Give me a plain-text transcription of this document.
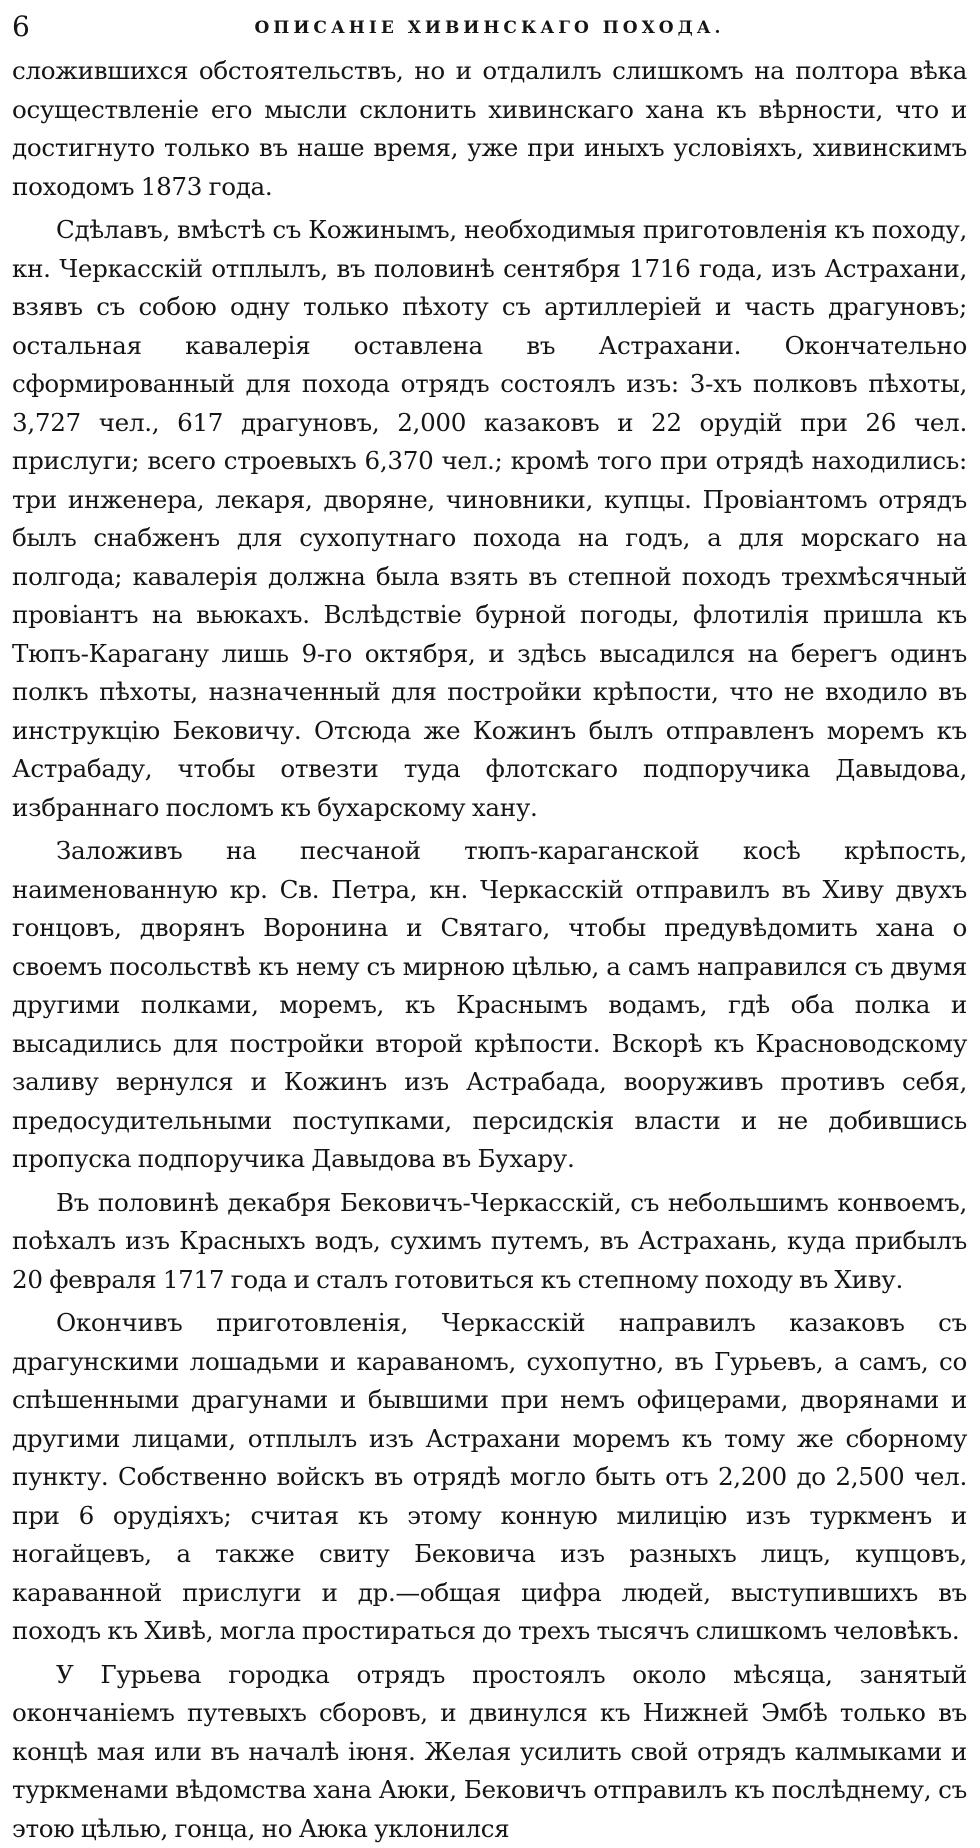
6	ОПИСАНІЕ ХИВИНСКАГО ПОХОДА.

сложившихся обстоятельствъ, но и отдалилъ слишкомъ на полтора вѣка осуществленіе его мысли склонить хивинскаго хана къ вѣрности, что и достигнуто только въ наше время, уже при иныхъ условіяхъ, хивинскимъ походомъ 1873 года.

Сдѣлавъ, вмѣстѣ съ Кожинымъ, необходимыя приготовленія къ походу, кн. Черкасскій отплылъ, въ половинѣ сентября 1716 года, изъ Астрахани, взявъ съ собою одну только пѣхоту съ артиллеріей и часть драгуновъ; остальная кавалерія оставлена въ Астрахани. Окончательно сформированный для похода отрядъ состоялъ изъ: 3-хъ полковъ пѣхоты, 3,727 чел., 617 драгуновъ, 2,000 казаковъ и 22 орудій при 26 чел. прислуги; всего строевыхъ 6,370 чел.; кромѣ того при отрядѣ находились: три инженера, лекаря, дворяне, чиновники, купцы. Провіантомъ отрядъ былъ снабженъ для сухопутнаго похода на годъ, а для морскаго на полгода; кавалерія должна была взять въ степной походъ трехмѣсячный провіантъ на вьюкахъ. Вслѣдствіе бурной погоды, флотилія пришла къ Тюпъ-Карагану лишь 9-го октября, и здѣсь высадился на берегъ одинъ полкъ пѣхоты, назначенный для постройки крѣпости, что не входило въ инструкцію Бековичу. Отсюда же Кожинъ былъ отправленъ моремъ къ Астрабаду, чтобы отвезти туда флотскаго подпоручика Давыдова, избраннаго посломъ къ бухарскому хану.

Заложивъ на песчаной тюпъ-караганской косѣ крѣпость, наименованную кр. Св. Петра, кн. Черкасскій отправилъ въ Хиву двухъ гонцовъ, дворянъ Воронина и Святаго, чтобы предувѣдомить хана о своемъ посольствѣ къ нему съ мирною цѣлью, а самъ направился съ двумя другими полками, моремъ, къ Краснымъ водамъ, гдѣ оба полка и высадились для постройки второй крѣпости. Вскорѣ къ Красноводскому заливу вернулся и Кожинъ изъ Астрабада, вооруживъ противъ себя, предосудительными поступками, персидскія власти и не добившись пропуска подпоручика Давыдова въ Бухару.

Въ половинѣ декабря Бековичъ-Черкасскій, съ небольшимъ конвоемъ, поѣхалъ изъ Красныхъ водъ, сухимъ путемъ, въ Астрахань, куда прибылъ 20 февраля 1717 года и сталъ готовиться къ степному походу въ Хиву.

Окончивъ приготовленія, Черкасскій направилъ казаковъ съ драгунскими лошадьми и караваномъ, сухопутно, въ Гурьевъ, а самъ, со спѣшенными драгунами и бывшими при немъ офицерами, дворянами и другими лицами, отплылъ изъ Астрахани моремъ къ тому же сборному пункту. Собственно войскъ въ отрядѣ могло быть отъ 2,200 до 2,500 чел. при 6 орудіяхъ; считая къ этому конную милицію изъ туркменъ и ногайцевъ, а также свиту Бековича изъ разныхъ лицъ, купцовъ, караванной прислуги и др.—общая цифра людей, выступившихъ въ походъ къ Хивѣ, могла простираться до трехъ тысячъ слишкомъ человѣкъ.

У Гурьева городка отрядъ простоялъ около мѣсяца, занятый окончаніемъ путевыхъ сборовъ, и двинулся къ Нижней Эмбѣ только въ концѣ мая или въ началѣ іюня. Желая усилить свой отрядъ калмыками и туркменами вѣдомства хана Аюки, Бековичъ отправилъ къ послѣднему, съ этою цѣлью, гонца, но Аюка уклонился
